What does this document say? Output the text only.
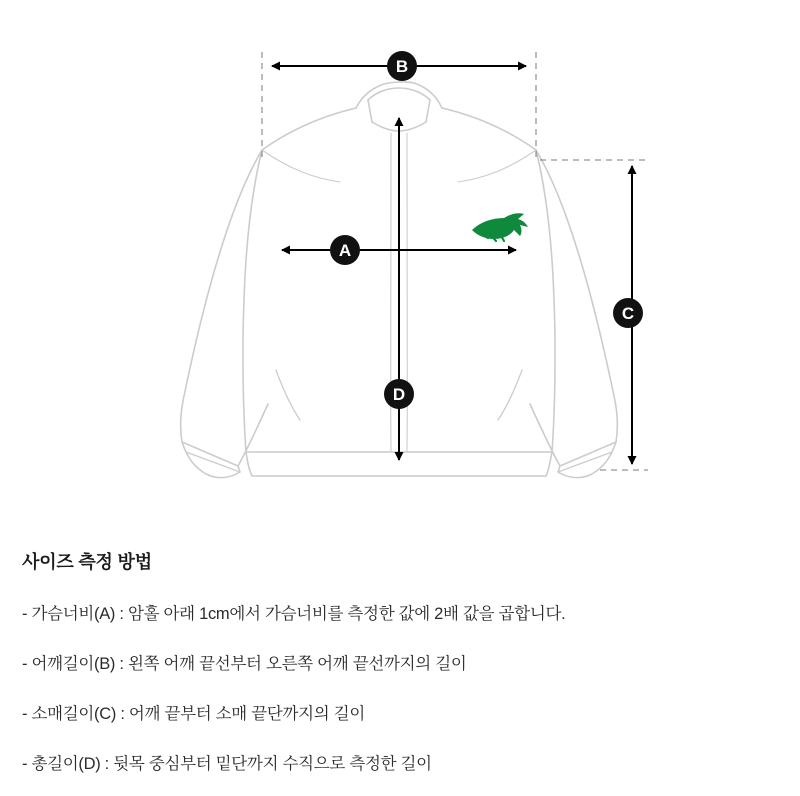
B
A
C
D
사이즈 측정 방법
- 가슴너비(A) : 암홀 아래 1cm에서 가슴너비를 측정한 값에 2배 값을 곱합니다.
- 어깨길이(B) : 왼쪽 어깨 끝선부터 오른쪽 어깨 끝선까지의 길이
- 소매길이(C) : 어깨 끝부터 소매 끝단까지의 길이
- 총길이(D) : 뒷목 중심부터 밑단까지 수직으로 측정한 길이
